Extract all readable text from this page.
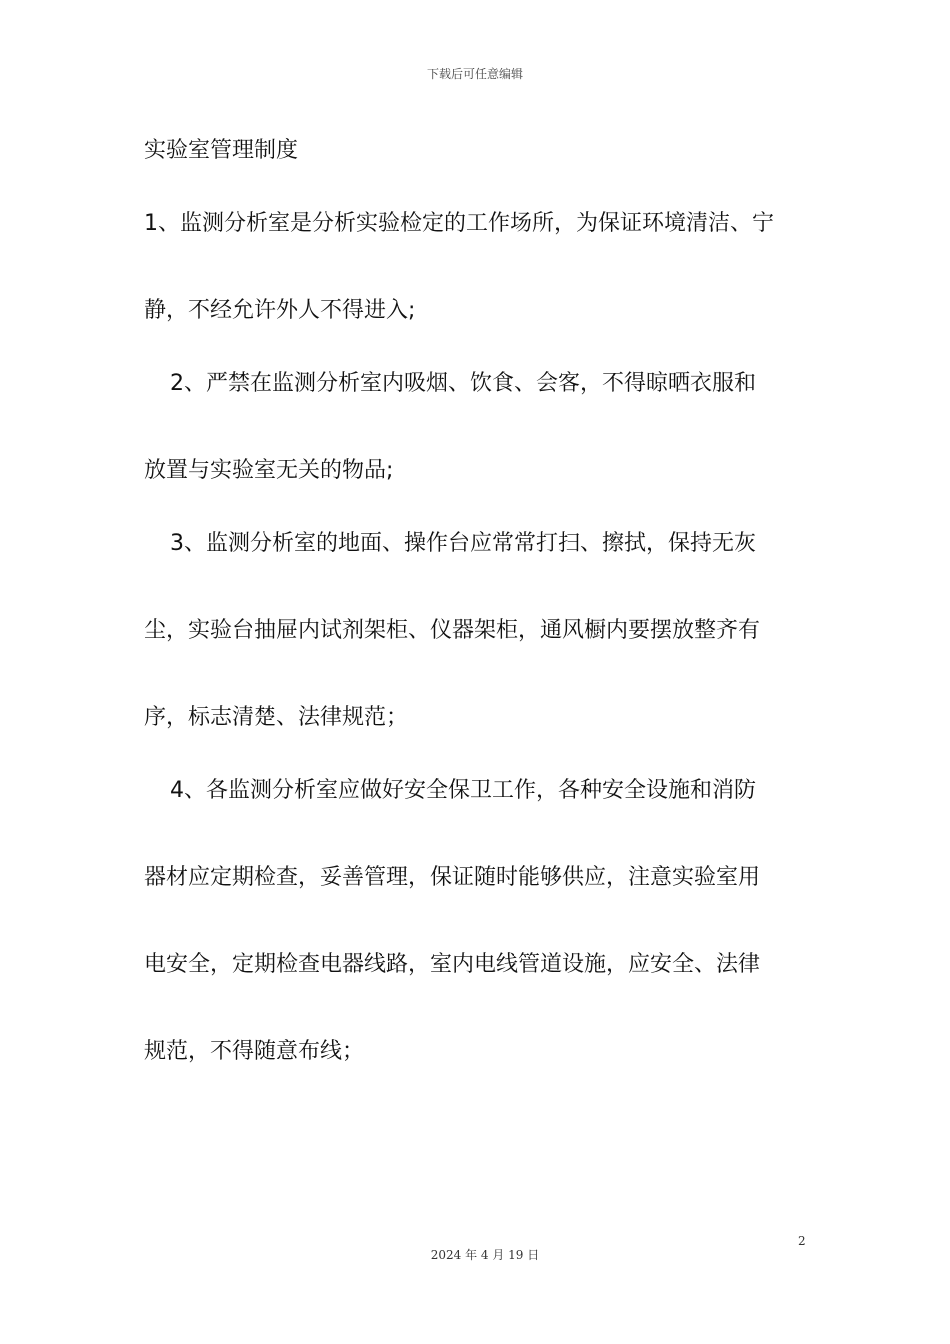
下载后可任意编辑
实验室管理制度
1、监测分析室是分析实验检定的工作场所，为保证环境清洁、宁
静，不经允许外人不得进入;
2、严禁在监测分析室内吸烟、饮食、会客，不得晾晒衣服和
放置与实验室无关的物品;
3、监测分析室的地面、操作台应常常打扫、擦拭，保持无灰
尘，实验台抽屉内试剂架柜、仪器架柜，通风橱内要摆放整齐有
序，标志清楚、法律规范；
4、各监测分析室应做好安全保卫工作，各种安全设施和消防
器材应定期检查，妥善管理，保证随时能够供应，注意实验室用
电安全，定期检查电器线路，室内电线管道设施，应安全、法律
规范，不得随意布线；
2
2024 年 4 月 19 日
